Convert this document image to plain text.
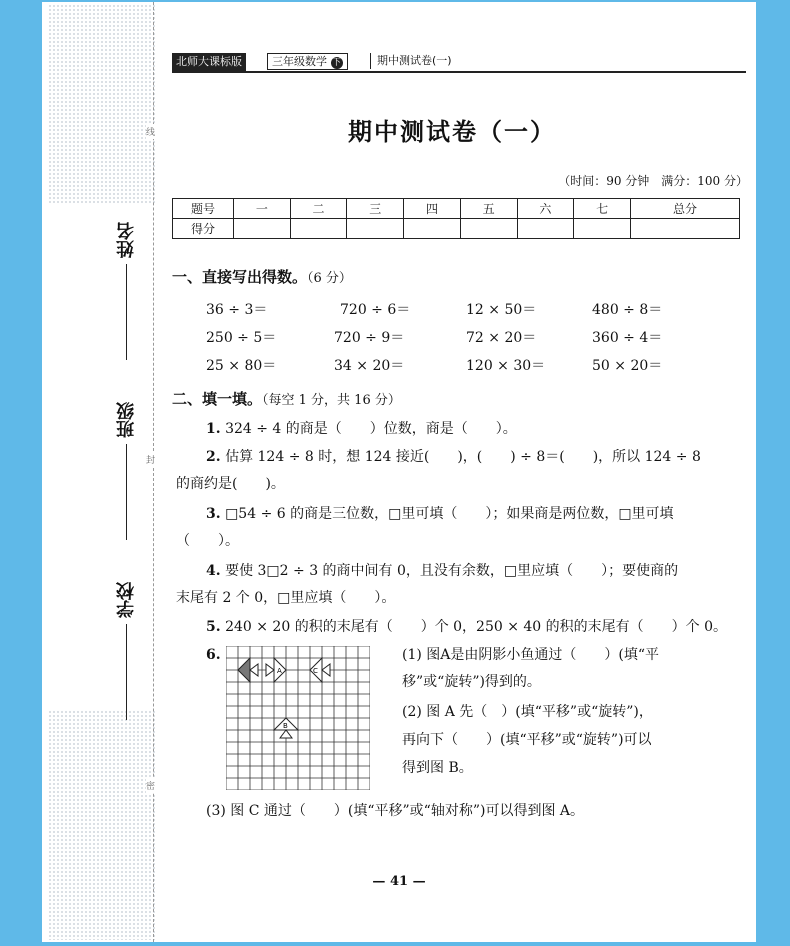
线
封
密
姓名
班级
学校
北师大课标版	三年级数学 下	期中测试卷(一)
期中测试卷（一）
（时间：90 分钟　满分：100 分）
题号	一	二	三	四	五	六	七	总分
得分								
一、直接写出得数。（6 分）
36 ÷ 3＝	720 ÷ 6＝	12 × 50＝	480 ÷ 8＝
250 ÷ 5＝	720 ÷ 9＝	72 × 20＝	360 ÷ 4＝
25 × 80＝	34 × 20＝	120 × 30＝	50 × 20＝
二、填一填。（每空 1 分，共 16 分）
1. 324 ÷ 4 的商是（　　）位数，商是（　　）。
2. 估算 124 ÷ 8 时，想 124 接近(　　)，(　　) ÷ 8＝(　　)，所以 124 ÷ 8
的商约是(　　)。
3. □54 ÷ 6 的商是三位数，□里可填（　　）；如果商是两位数，□里可填
（　　）。
4. 要使 3□2 ÷ 3 的商中间有 0，且没有余数，□里应填（　　）；要使商的
末尾有 2 个 0，□里应填（　　）。
5. 240 × 20 的积的末尾有（　　）个 0，250 × 40 的积的末尾有（　　）个 0。
6.
A	C
B
(1) 图A是由阴影小鱼通过（　　）(填“平
移”或“旋转”)得到的。
(2) 图 A 先（　）(填“平移”或“旋转”)，
再向下（　　）(填“平移”或“旋转”)可以
得到图 B。
(3) 图 C 通过（　　）(填“平移”或“轴对称”)可以得到图 A。
— 41 —
